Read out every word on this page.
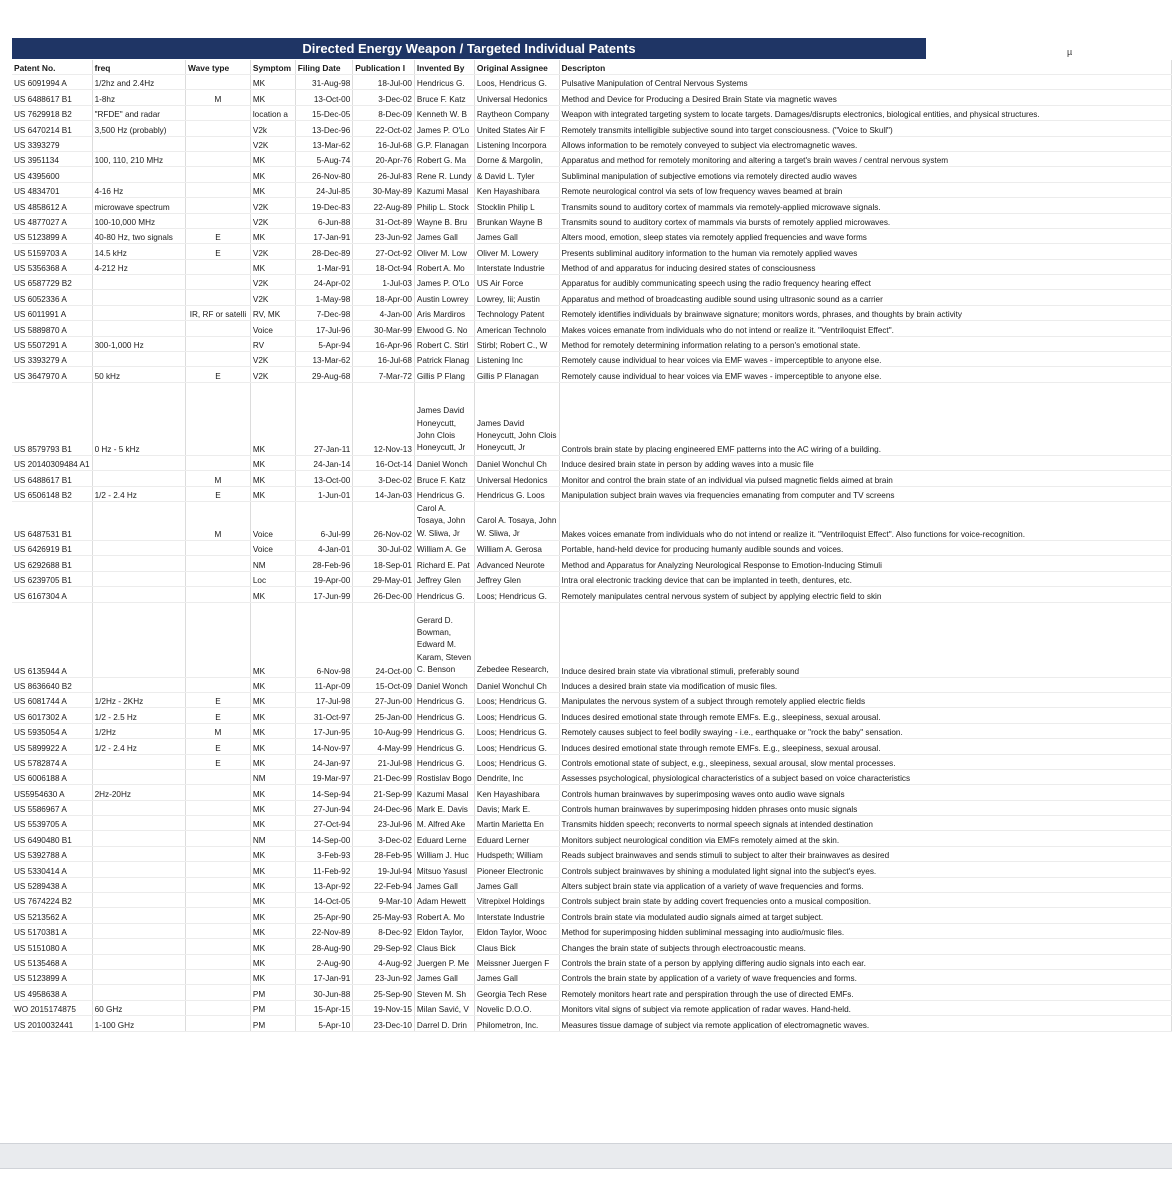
Directed Energy Weapon / Targeted Individual Patents	µ
Patent No.	freq	Wave type	Symptom	Filing Date	Publication I	Invented By	Original Assignee	Descripton
US 6091994 A	1/2hz and 2.4Hz		MK	31-Aug-98	18-Jul-00	Hendricus G.	Loos, Hendricus G.	Pulsative Manipulation of Central Nervous Systems
US 6488617 B1	1-8hz	M	MK	13-Oct-00	3-Dec-02	Bruce F. Katz	Universal Hedonics	Method and Device for Producing a Desired Brain State via magnetic waves
US 7629918 B2	"RFDE" and radar		location a	15-Dec-05	8-Dec-09	Kenneth W. B	Raytheon Company	Weapon with integrated targeting system to locate targets. Damages/disrupts electronics, biological entities, and physical structures.
US 6470214 B1	3,500 Hz (probably)		V2k	13-Dec-96	22-Oct-02	James P. O'Lo	United States Air F	Remotely transmits intelligible subjective sound into target consciousness. ("Voice to Skull")
US 3393279			V2K	13-Mar-62	16-Jul-68	G.P. Flanagan	Listening Incorpora	Allows information to be remotely conveyed to subject via electromagnetic waves.
US 3951134	100, 110, 210 MHz		MK	5-Aug-74	20-Apr-76	Robert G. Ma	Dorne & Margolin,	Apparatus and method for remotely monitoring and altering a target's brain waves / central nervous system
US 4395600			MK	26-Nov-80	26-Jul-83	Rene R. Lundy	& David L. Tyler	Subliminal manipulation of subjective emotions via remotely directed audio waves
US 4834701	4-16 Hz		MK	24-Jul-85	30-May-89	Kazumi Masal	Ken Hayashibara	Remote neurological control via sets of low frequency waves beamed at brain
US 4858612 A	microwave spectrum		V2K	19-Dec-83	22-Aug-89	Philip L. Stock	Stocklin Philip L	Transmits sound to auditory cortex of mammals via remotely-applied microwave signals.
US 4877027 A	100-10,000 MHz		V2K	6-Jun-88	31-Oct-89	Wayne B. Bru	Brunkan Wayne B	Transmits sound to auditory cortex of mammals via bursts of remotely applied microwaves.
US 5123899 A	40-80 Hz, two signals	E	MK	17-Jan-91	23-Jun-92	James Gall	James Gall	Alters mood, emotion, sleep states via remotely applied frequencies and wave forms
US 5159703 A	14.5 kHz	E	V2K	28-Dec-89	27-Oct-92	Oliver M. Low	Oliver M. Lowery	Presents subliminal auditory information to the human via remotely applied waves
US 5356368 A	4-212 Hz		MK	1-Mar-91	18-Oct-94	Robert A. Mo	Interstate Industrie	Method of and apparatus for inducing desired states of consciousness
US 6587729 B2			V2K	24-Apr-02	1-Jul-03	James P. O'Lo	US Air Force	Apparatus for audibly communicating speech using the radio frequency hearing effect
US 6052336 A			V2K	1-May-98	18-Apr-00	Austin Lowrey	Lowrey, Iii; Austin	Apparatus and method of broadcasting audible sound using ultrasonic sound as a carrier
US 6011991 A		IR, RF or satelli	RV, MK	7-Dec-98	4-Jan-00	Aris Mardiros	Technology Patent	Remotely identifies individuals by brainwave signature; monitors words, phrases, and thoughts by brain activity
US 5889870 A			Voice	17-Jul-96	30-Mar-99	Elwood G. No	American Technolo	Makes voices emanate from individuals who do not intend or realize it. "Ventriloquist Effect".
US 5507291 A	300-1,000 Hz		RV	5-Apr-94	16-Apr-96	Robert C. Stirl	Stirbl; Robert C., W	Method for remotely determining information relating to a person's emotional state.
US 3393279 A			V2K	13-Mar-62	16-Jul-68	Patrick Flanag	Listening Inc	Remotely cause individual to hear voices via EMF waves - imperceptible to anyone else.
US 3647970 A	50 kHz	E	V2K	29-Aug-68	7-Mar-72	Gillis P Flang	Gillis P Flanagan	Remotely cause individual to hear voices via EMF waves - imperceptible to anyone else.
US 8579793 B1	0 Hz - 5 kHz		MK	27-Jan-11	12-Nov-13	James David Honeycutt, John Clois Honeycutt, Jr	James David Honeycutt, John Clois Honeycutt, Jr	Controls brain state by placing engineered EMF patterns into the AC wiring of a building.
US 20140309484 A1			MK	24-Jan-14	16-Oct-14	Daniel Wonch	Daniel Wonchul Ch	Induce desired brain state in person by adding waves into a music file
US 6488617 B1		M	MK	13-Oct-00	3-Dec-02	Bruce F. Katz	Universal Hedonics	Monitor and control the brain state of an individual via pulsed magnetic fields aimed at brain
US 6506148 B2	1/2 - 2.4 Hz	E	MK	1-Jun-01	14-Jan-03	Hendricus G.	Hendricus G. Loos	Manipulation subject brain waves via frequencies emanating from computer and TV screens
US 6487531 B1		M	Voice	6-Jul-99	26-Nov-02	Carol A. Tosaya, John W. Sliwa, Jr	Carol A. Tosaya, John W. Sliwa, Jr	Makes voices emanate from individuals who do not intend or realize it. "Ventriloquist Effect". Also functions for voice-recognition.
US 6426919 B1			Voice	4-Jan-01	30-Jul-02	William A. Ge	William A. Gerosa	Portable, hand-held device for producing humanly audible sounds and voices.
US 6292688 B1			NM	28-Feb-96	18-Sep-01	Richard E. Pat	Advanced Neurote	Method and Apparatus for Analyzing Neurological Response to Emotion-Inducing Stimuli
US 6239705 B1			Loc	19-Apr-00	29-May-01	Jeffrey Glen	Jeffrey Glen	Intra oral electronic tracking device that can be implanted in teeth, dentures, etc.
US 6167304 A			MK	17-Jun-99	26-Dec-00	Hendricus G.	Loos; Hendricus G.	Remotely manipulates central nervous system of subject by applying electric field to skin
US 6135944 A			MK	6-Nov-98	24-Oct-00	Gerard D. Bowman, Edward M. Karam, Steven C. Benson	Zebedee Research,	Induce desired brain state via vibrational stimuli, preferably sound
US 8636640 B2			MK	11-Apr-09	15-Oct-09	Daniel Wonch	Daniel Wonchul Ch	Induces a desired brain state via modification of music files.
US 6081744 A	1/2Hz - 2KHz	E	MK	17-Jul-98	27-Jun-00	Hendricus G.	Loos; Hendricus G.	Manipulates the nervous system of a subject through remotely applied electric fields
US 6017302 A	1/2 - 2.5 Hz	E	MK	31-Oct-97	25-Jan-00	Hendricus G.	Loos; Hendricus G.	Induces desired emotional state through remote EMFs. E.g., sleepiness, sexual arousal.
US 5935054 A	1/2Hz	M	MK	17-Jun-95	10-Aug-99	Hendricus G.	Loos; Hendricus G.	Remotely causes subject to feel bodily swaying - i.e., earthquake or "rock the baby" sensation.
US 5899922 A	1/2 - 2.4 Hz	E	MK	14-Nov-97	4-May-99	Hendricus G.	Loos; Hendricus G.	Induces desired emotional state through remote EMFs. E.g., sleepiness, sexual arousal.
US 5782874 A		E	MK	24-Jan-97	21-Jul-98	Hendricus G.	Loos; Hendricus G.	Controls emotional state of subject, e.g., sleepiness, sexual arousal, slow mental processes.
US 6006188 A			NM	19-Mar-97	21-Dec-99	Rostislav Bogo	Dendrite, Inc	Assesses psychological, physiological characteristics of a subject based on voice characteristics
US5954630 A	2Hz-20Hz		MK	14-Sep-94	21-Sep-99	Kazumi Masal	Ken Hayashibara	Controls human brainwaves by superimposing waves onto audio wave signals
US 5586967 A			MK	27-Jun-94	24-Dec-96	Mark E. Davis	Davis; Mark E.	Controls human brainwaves by superimposing hidden phrases onto music signals
US 5539705 A			MK	27-Oct-94	23-Jul-96	M. Alfred Ake	Martin Marietta En	Transmits hidden speech; reconverts to normal speech signals at intended destination
US 6490480 B1			NM	14-Sep-00	3-Dec-02	Eduard Lerne	Eduard Lerner	Monitors subject neurological condition via EMFs remotely aimed at the skin.
US 5392788 A			MK	3-Feb-93	28-Feb-95	William J. Huc	Hudspeth; William	Reads subject brainwaves and sends stimuli to subject to alter their brainwaves as desired
US 5330414 A			MK	11-Feb-92	19-Jul-94	Mitsuo Yasusl	Pioneer Electronic	Controls subject brainwaves by shining a modulated light signal into the subject's eyes.
US 5289438 A			MK	13-Apr-92	22-Feb-94	James Gall	James Gall	Alters subject brain state via application of a variety of wave frequencies and forms.
US 7674224 B2			MK	14-Oct-05	9-Mar-10	Adam Hewett	Vitrepixel Holdings	Controls subject brain state by adding covert frequencies onto a musical composition.
US 5213562 A			MK	25-Apr-90	25-May-93	Robert A. Mo	Interstate Industrie	Controls brain state via modulated audio signals aimed at target subject.
US 5170381 A			MK	22-Nov-89	8-Dec-92	Eldon Taylor,	Eldon Taylor, Wooc	Method for superimposing hidden subliminal messaging into audio/music files.
US 5151080 A			MK	28-Aug-90	29-Sep-92	Claus Bick	Claus Bick	Changes the brain state of subjects through electroacoustic means.
US 5135468 A			MK	2-Aug-90	4-Aug-92	Juergen P. Me	Meissner Juergen F	Controls the brain state of a person by applying differing audio signals into each ear.
US 5123899 A			MK	17-Jan-91	23-Jun-92	James Gall	James Gall	Controls the brain state by application of a variety of wave frequencies and forms.
US 4958638 A			PM	30-Jun-88	25-Sep-90	Steven M. Sh	Georgia Tech Rese	Remotely monitors heart rate and perspiration through the use of directed EMFs.
WO 2015174875	60 GHz		PM	15-Apr-15	19-Nov-15	Milan Savić, V	Novelic D.O.O.	Monitors vital signs of subject via remote application of radar waves. Hand-held.
US 2010032441	1-100 GHz		PM	5-Apr-10	23-Dec-10	Darrel D. Drin	Philometron, Inc.	Measures tissue damage of subject via remote application of electromagnetic waves.
